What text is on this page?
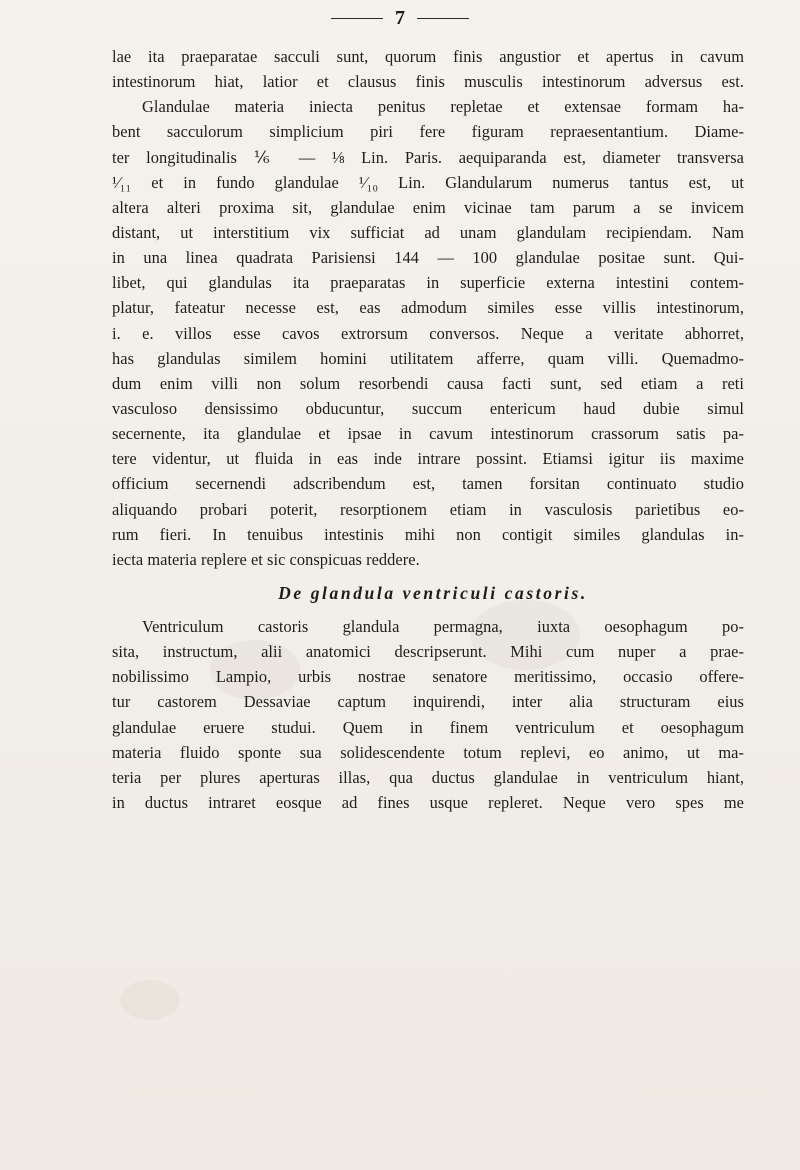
7
lae ita praeparatae sacculi sunt, quorum finis angustior et apertus in cavum
intestinorum hiat, latior et clausus finis musculis intestinorum adversus est.
Glandulae materia iniecta penitus repletae et extensae formam ha-
bent sacculorum simplicium piri fere figuram repraesentantium. Diame-
ter longitudinalis ⅙ — ⅛ Lin. Paris. aequiparanda est, diameter transversa
¹⁄₁₁ et in fundo glandulae ¹⁄₁₀ Lin. Glandularum numerus tantus est, ut
altera alteri proxima sit, glandulae enim vicinae tam parum a se invicem
distant, ut interstitium vix sufficiat ad unam glandulam recipiendam. Nam
in una linea quadrata Parisiensi 144 — 100 glandulae positae sunt. Qui-
libet, qui glandulas ita praeparatas in superficie externa intestini contem-
platur, fateatur necesse est, eas admodum similes esse villis intestinorum,
i. e. villos esse cavos extrorsum conversos. Neque a veritate abhorret,
has glandulas similem homini utilitatem afferre, quam villi. Quemadmo-
dum enim villi non solum resorbendi causa facti sunt, sed etiam a reti
vasculoso densissimo obducuntur, succum entericum haud dubie simul
secernente, ita glandulae et ipsae in cavum intestinorum crassorum satis pa-
tere videntur, ut fluida in eas inde intrare possint. Etiamsi igitur iis maxime
officium secernendi adscribendum est, tamen forsitan continuato studio
aliquando probari poterit, resorptionem etiam in vasculosis parietibus eo-
rum fieri. In tenuibus intestinis mihi non contigit similes glandulas in-
iecta materia replere et sic conspicuas reddere.
De glandula ventriculi castoris.
Ventriculum castoris glandula permagna, iuxta oesophagum po-
sita, instructum, alii anatomici descripserunt. Mihi cum nuper a prae-
nobilissimo Lampio, urbis nostrae senatore meritissimo, occasio offere-
tur castorem Dessaviae captum inquirendi, inter alia structuram eius
glandulae eruere studui. Quem in finem ventriculum et oesophagum
materia fluido sponte sua solidescendente totum replevi, eo animo, ut ma-
teria per plures aperturas illas, qua ductus glandulae in ventriculum hiant,
in ductus intraret eosque ad fines usque repleret. Neque vero spes me
